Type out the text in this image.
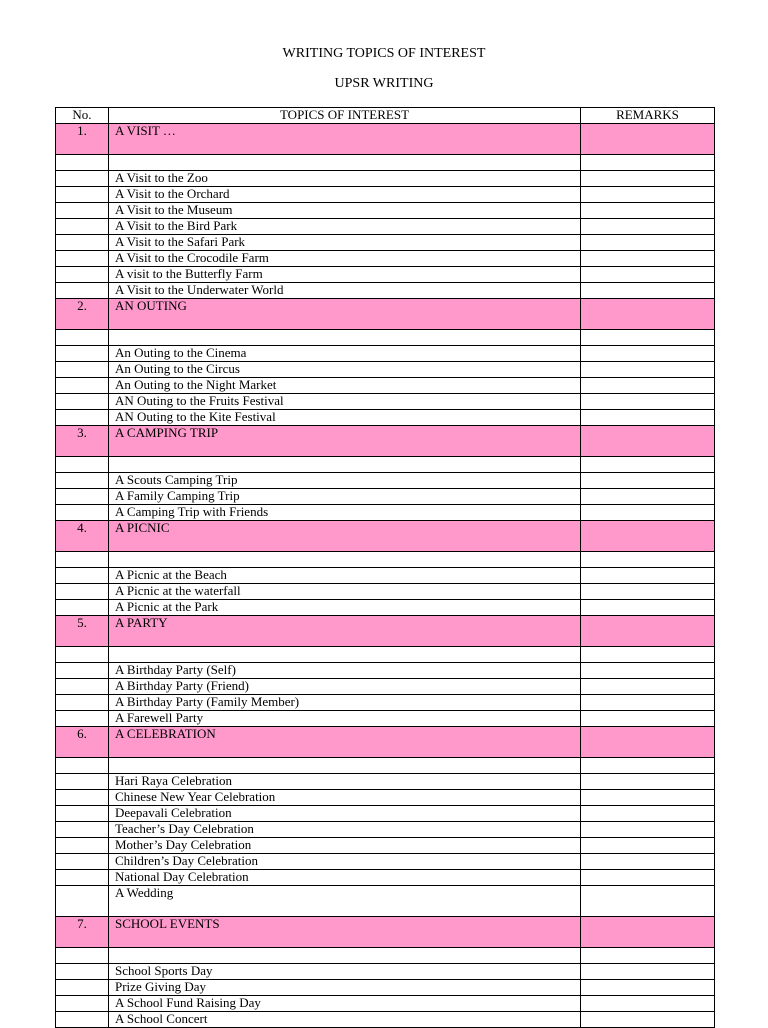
WRITING TOPICS OF INTEREST
UPSR WRITING
No.	TOPICS OF INTEREST	REMARKS
1.	A VISIT …	

	A Visit to the Zoo	
	A Visit to the Orchard	
	A Visit to the Museum	
	A Visit to the Bird Park	
	A Visit to the Safari Park	
	A Visit to the Crocodile Farm	
	A visit to the Butterfly Farm	
	A Visit to the Underwater World	
2.	AN OUTING	

	An Outing to the Cinema	
	An Outing to the Circus	
	An Outing to the Night Market	
	AN Outing to the Fruits Festival	
	AN Outing to the Kite Festival	
3.	A CAMPING TRIP	

	A Scouts Camping Trip	
	A Family Camping Trip	
	A Camping Trip with Friends	
4.	A PICNIC	

	A Picnic at the Beach	
	A Picnic at the waterfall	
	A Picnic at the Park	
5.	A PARTY	

	A Birthday Party (Self)	
	A Birthday Party (Friend)	
	A Birthday Party (Family Member)	
	A Farewell Party	
6.	A CELEBRATION	

	Hari Raya Celebration	
	Chinese New Year Celebration	
	Deepavali Celebration	
	Teacher’s Day Celebration	
	Mother’s Day Celebration	
	Children’s Day Celebration	
	National Day Celebration	
	A Wedding	
7.	SCHOOL EVENTS	

	School Sports Day	
	Prize Giving Day	
	A School Fund Raising Day	
	A School Concert	
